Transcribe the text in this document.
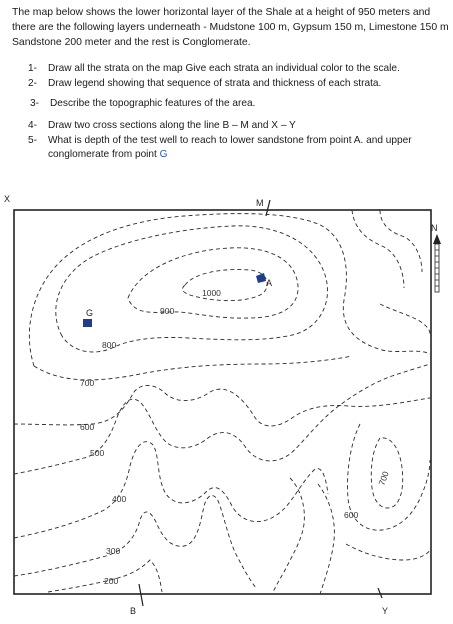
The map below shows the lower horizontal layer of the Shale at a height of 950 meters and there are the following layers underneath - Mudstone 100 m, Gypsum 150 m, Limestone 150 m Sandstone 200 meter and the rest is Conglomerate.

1- Draw all the strata on the map Give each strata an individual color to the scale.
2- Draw legend showing that sequence of strata and thickness of each strata.
3- Describe the topographic features of the area.
4- Draw two cross sections along the line B – M and X – Y
5- What is depth of the test well to reach to lower sandstone from point A. and upper conglomerate from point G
1000
900
800
700
600
500
400
300
200
700
600
X	M
B	Y
A
G
N
